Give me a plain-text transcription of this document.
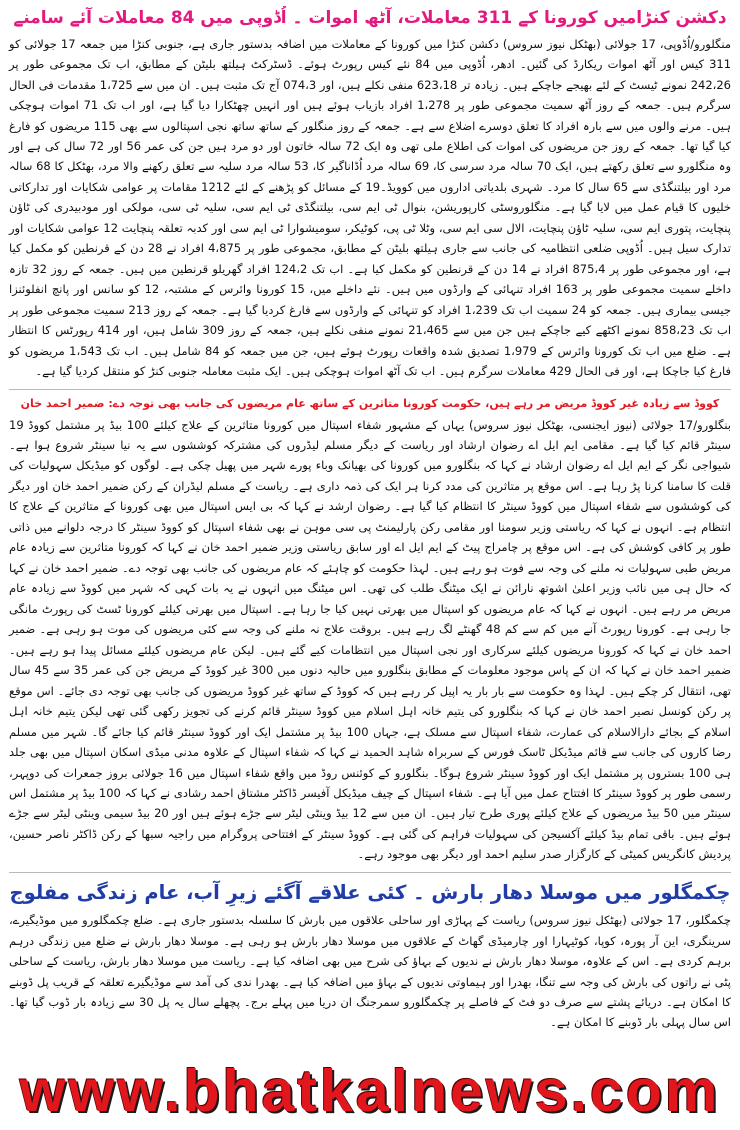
دکشن کنڑامیں کورونا کے 311 معاملات، آٹھ اموات ۔ اُڈوپی میں 84 معاملات آئے سامنے

منگلورو/اُڈوپی، 17 جولائی (بھٹکل نیوز سروس) دکشن کنڑا میں کورونا کے معاملات میں اضافہ بدستور جاری ہے، جنوبی کنڑا میں جمعہ 17 جولائی کو 311 کیس اور آٹھ اموات ریکارڈ کی گئیں۔ ادھر، اُڈوپی میں 84 نئے کیس رپورٹ ہوئے۔ ڈسٹرکٹ ہیلتھ بلیٹن کے مطابق، اب تک مجموعی طور پر 242،26 نمونے ٹیسٹ کے لئے بھیجے جاچکے ہیں۔ زیادہ تر 623،18 منفی نکلے ہیں، اور 074،3 آج تک مثبت ہیں۔ ان میں سے 1،725 مقدمات فی الحال سرگرم ہیں۔ جمعہ کے روز آٹھ سمیت مجموعی طور پر 1،278 افراد بازیاب ہوئے ہیں اور انہیں چھٹکارا دیا گیا ہے، اور اب تک 71 اموات ہوچکی ہیں۔ مرنے والوں میں سے بارہ افراد کا تعلق دوسرے اضلاع سے ہے۔ جمعہ کے روز منگلور کے ساتھ ساتھ نجی اسپتالوں سے بھی 115 مریضوں کو فارغ کیا گیا تھا۔ جمعہ کے روز جن مریضوں کی اموات کی اطلاع ملی تھی وہ ایک 72 سالہ خاتون اور دو مرد ہیں جن کی عمر 56 اور 72 سال کی ہے اور وہ منگلورو سے تعلق رکھتے ہیں، ایک 70 سالہ مرد سرسی کا، 69 سالہ مرد اُڈاناگیر کا، 53 سالہ مرد سلیہ سے تعلق رکھنے والا مرد، بھٹکل کا 68 سالہ مرد اور بیلتنگڈی سے 65 سال کا مرد۔ شہری بلدیاتی اداروں میں کوویڈ۔19 کے مسائل کو پڑھنے کے لئے 1212 مقامات پر عوامی شکایات اور تدارکاتی خلیوں کا قیام عمل میں لایا گیا ہے۔ منگلوروسٹی کارپوریشن، بنوال ٹی ایم سی، بیلتنگڈی ٹی ایم سی، سلیہ ٹی سی، مولکی اور مودبیدری کی ٹاؤن پنچایت، پتوری ایم سی، سلیہ ٹاؤن پنچایت، الال سی ایم سی، وٹلا ٹی پی، کوٹیکر، سومیشوارا ٹی ایم سی اور کدبہ تعلقہ پنچایت 12 عوامی شکایات اور تدارک سیل ہیں۔ اُڈوپی ضلعی انتظامیہ کی جانب سے جاری ہیلتھ بلیٹن کے مطابق، مجموعی طور پر 4،875 افراد نے 28 دن کے قرنطین کو مکمل کیا ہے، اور مجموعی طور پر 875،4 افراد نے 14 دن کے قرنطین کو مکمل کیا ہے۔ اب تک 124،2 افراد گھریلو قرنطین میں ہیں۔ جمعہ کے روز 32 تازہ داخلے سمیت مجموعی طور پر 163 افراد تنہائی کے وارڈوں میں ہیں۔ نئے داخلے میں، 15 کورونا وائرس کے مشتبہ، 12 کو سانس اور پانچ انفلوئنزا جیسی بیماری ہیں۔ جمعہ کو 24 سمیت اب تک 1،239 افراد کو تنہائی کے وارڈوں سے فارغ کردیا گیا ہے۔ جمعہ کے روز 213 سمیت مجموعی طور پر اب تک 858،23 نمونے اکٹھے کیے جاچکے ہیں جن میں سے 21،465 نمونے منفی نکلے ہیں، جمعہ کے روز 309 شامل ہیں، اور 414 رپورٹس کا انتظار ہے۔ ضلع میں اب تک کورونا وائرس کے 1،979 تصدیق شدہ واقعات رپورٹ ہوئے ہیں، جن میں جمعہ کو 84 شامل ہیں۔ اب تک 1،543 مریضوں کو فارغ کیا جاچکا ہے، اور فی الحال 429 معاملات سرگرم ہیں۔ اب تک آٹھ اموات ہوچکی ہیں۔ ایک مثبت معاملہ جنوبی کنڑ کو منتقل کردیا گیا ہے۔

کووڈ سے زیادہ غیر کووڈ مریض مر رہے ہیں، حکومت کورونا متاثرین کے ساتھ عام مریضوں کی جانب بھی توجہ دے: ضمیر احمد خان

بنگلورو/17 جولائی (نیوز ایجنسی، بھٹکل نیوز سروس) یہاں کے مشہور شفاء اسپتال میں کورونا متاثرین کے علاج کیلئے 100 بیڈ پر مشتمل کووڈ 19 سینٹر قائم کیا گیا ہے۔ مقامی ایم ایل اے رضوان ارشاد اور ریاست کے دیگر مسلم لیڈروں کی مشترکہ کوششوں سے یہ نیا سینٹر شروع ہوا ہے۔ شیواجی نگر کے ایم ایل اے رضوان ارشاد نے کہا کہ بنگلورو میں کورونا کی بھیانک وباء پورے شہر میں پھیل چکی ہے۔ لوگوں کو میڈیکل سہولیات کی قلت کا سامنا کرنا پڑ رہا ہے۔ اس موقع پر متاثرین کی مدد کرنا ہر ایک کی ذمہ داری ہے۔ ریاست کے مسلم لیڈران کے رکن ضمیر احمد خان اور دیگر کی کوششوں سے شفاء اسپتال میں کووڈ سینٹر کا انتظام کیا گیا ہے۔ رضوان ارشد نے کہا کہ بی ایس اسپتال میں بھی کورونا کے متاثرین کے علاج کا انتظام ہے۔ انہوں نے کہا کہ ریاستی وزیر سومنا اور مقامی رکن پارلیمنٹ پی سی موہن نے بھی شفاء اسپتال کو کووڈ سینٹر کا درجہ دلوانے میں ذاتی طور پر کافی کوشش کی ہے۔ اس موقع پر چامراج پیٹ کے ایم ایل اے اور سابق ریاستی وزیر ضمیر احمد خان نے کہا کہ کورونا متاثرین سے زیادہ عام مریض طبی سہولیات نہ ملنے کی وجہ سے فوت ہو رہے ہیں۔ لہذا حکومت کو چاہئے کہ عام مریضوں کی جانب بھی توجہ دے۔ ضمیر احمد خان نے کہا کہ حال ہی میں نائب وزیر اعلیٰ اشوتھ نارائن نے ایک میٹنگ طلب کی تھی۔ اس میٹنگ میں انہوں نے یہ بات کہی کہ شہر میں کووڈ سے زیادہ عام مریض مر رہے ہیں۔ انہوں نے کہا کہ عام مریضوں کو اسپتال میں بھرتی نہیں کیا جا رہا ہے۔ اسپتال میں بھرتی کیلئے کورونا ٹسٹ کی رپورٹ مانگی جا رہی ہے۔ کورونا رپورٹ آنے میں کم سے کم 48 گھنٹے لگ رہے ہیں۔ بروقت علاج نہ ملنے کی وجہ سے کئی مریضوں کی موت ہو رہی ہے۔ ضمیر احمد خان نے کہا کہ کورونا مریضوں کیلئے سرکاری اور نجی اسپتال میں انتظامات کیے گئے ہیں۔ لیکن عام مریضوں کیلئے مسائل پیدا ہو رہے ہیں۔ ضمیر احمد خان نے کہا کہ ان کے پاس موجود معلومات کے مطابق بنگلورو میں حالیہ دنوں میں 300 غیر کووڈ کے مریض جن کی عمر 35 سے 45 سال تھی، انتقال کر چکے ہیں۔ لہذا وہ حکومت سے بار بار یہ اپیل کر رہے ہیں کہ کووڈ کے ساتھ غیر کووڈ مریضوں کی جانب بھی توجہ دی جائے۔ اس موقع پر رکن کونسل نصیر احمد خان نے کہا کہ بنگلورو کی یتیم خانہ اہل اسلام میں کووڈ سینٹر قائم کرنے کی تجویز رکھی گئی تھی لیکن یتیم خانہ اہل اسلام کے بجائے دارالاسلام کی عمارت، شفاء اسپتال سے مسلک ہے، جہاں 100 بیڈ پر مشتمل ایک اور کووڈ سینٹر قائم کیا جائے گا۔ شہر میں مسلم رضا کاروں کی جانب سے قائم میڈیکل ٹاسک فورس کے سربراہ شاہد الحمید نے کہا کہ شفاء اسپتال کے علاوہ مدنی میڈی اسکان اسپتال میں بھی جلد ہی 100 بستروں پر مشتمل ایک اور کووڈ سینٹر شروع ہوگا۔ بنگلورو کے کوئنس روڈ میں واقع شفاء اسپتال میں 16 جولائی بروز جمعرات کی دوپہر، رسمی طور پر کووڈ سینٹر کا افتتاح عمل میں آیا ہے۔ شفاء اسپتال کے چیف میڈیکل آفیسر ڈاکٹر مشتاق احمد رشادی نے کہا کہ 100 بیڈ پر مشتمل اس سینٹر میں 50 بیڈ مریضوں کے علاج کیلئے پوری طرح تیار ہیں۔ ان میں سے 12 بیڈ وینٹی لیٹر سے جڑے ہوئے ہیں اور 20 بیڈ سیمی وینٹی لیٹر سے جڑے ہوئے ہیں۔ باقی تمام بیڈ کیلئے آکسیجن کی سہولیات فراہم کی گئی ہے۔ کووڈ سینٹر کے افتتاحی پروگرام میں راجیہ سبھا کے رکن ڈاکٹر ناصر حسین، پردیش کانگریس کمیٹی کے کارگزار صدر سلیم احمد اور دیگر بھی موجود رہے۔

چکمگلور میں موسلا دھار بارش ۔ کئی علاقے آگئے زیرِ آب، عام زندگی مفلوج

چکمگلور، 17 جولائی (بھٹکل نیوز سروس) ریاست کے پہاڑی اور ساحلی علاقوں میں بارش کا سلسلہ بدستور جاری ہے۔ ضلع چکمگلورو میں موڈیگیرے، سرینگری، این آر پورہ، کوپا، کوٹیہارا اور چارمیڈی گھاٹ کے علاقوں میں موسلا دھار بارش ہو رہی ہے۔ موسلا دھار بارش نے ضلع میں زندگی درہم برہم کردی ہے۔ اس کے علاوہ، موسلا دھار بارش نے ندیوں کے بہاؤ کی شرح میں بھی اضافہ کیا ہے۔ ریاست میں موسلا دھار بارش، ریاست کے ساحلی پٹی نے راتوں کی بارش کی وجہ سے تنگا، بھدرا اور ہیماوتی ندیوں کے بہاؤ میں اضافہ کیا ہے۔ بھدرا ندی کی آمد سے موڈیگیرے تعلقہ کے قریب پل ڈوبنے کا امکان ہے۔ دریائے پشتے سے صرف دو فٹ کے فاصلے پر چکمگلورو سمرجنگ ان دریا میں پہلے برج۔ پچھلے سال یہ پل 30 سے زیادہ بار ڈوب گیا تھا۔ اس سال پہلی بار ڈوبنے کا امکان ہے۔

www.bhatkalnews.com
